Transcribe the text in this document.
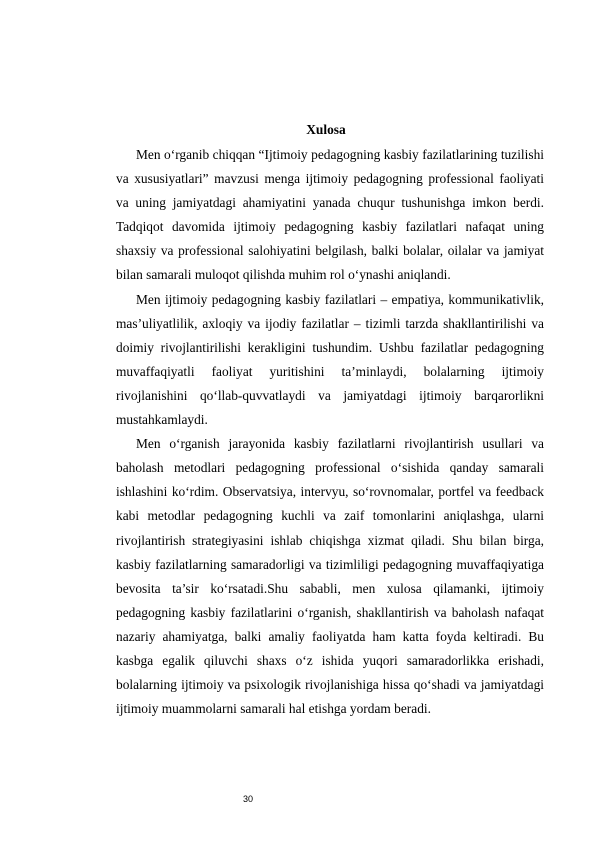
Xulosa

Men o‘rganib chiqqan “Ijtimoiy pedagogning kasbiy fazilatlarining tuzilishi va xususiyatlari” mavzusi menga ijtimoiy pedagogning professional faoliyati va uning jamiyatdagi ahamiyatini yanada chuqur tushunishga imkon berdi. Tadqiqot davomida ijtimoiy pedagogning kasbiy fazilatlari nafaqat uning shaxsiy va professional salohiyatini belgilash, balki bolalar, oilalar va jamiyat bilan samarali muloqot qilishda muhim rol o‘ynashi aniqlandi.

Men ijtimoiy pedagogning kasbiy fazilatlari – empatiya, kommunikativlik, mas’uliyatlilik, axloqiy va ijodiy fazilatlar – tizimli tarzda shakllantirilishi va doimiy rivojlantirilishi kerakligini tushundim. Ushbu fazilatlar pedagogning muvaffaqiyatli faoliyat yuritishini ta’minlaydi, bolalarning ijtimoiy rivojlanishini qo‘llab-quvvatlaydi va jamiyatdagi ijtimoiy barqarorlikni mustahkamlaydi.

Men o‘rganish jarayonida kasbiy fazilatlarni rivojlantirish usullari va baholash metodlari pedagogning professional o‘sishida qanday samarali ishlashini ko‘rdim. Observatsiya, intervyu, so‘rovnomalar, portfel va feedback kabi metodlar pedagogning kuchli va zaif tomonlarini aniqlashga, ularni rivojlantirish strategiyasini ishlab chiqishga xizmat qiladi. Shu bilan birga, kasbiy fazilatlarning samaradorligi va tizimliligi pedagogning muvaffaqiyatiga bevosita ta’sir ko‘rsatadi.Shu sababli, men xulosa qilamanki, ijtimoiy pedagogning kasbiy fazilatlarini o‘rganish, shakllantirish va baholash nafaqat nazariy ahamiyatga, balki amaliy faoliyatda ham katta foyda keltiradi. Bu kasbga egalik qiluvchi shaxs o‘z ishida yuqori samaradorlikka erishadi, bolalarning ijtimoiy va psixologik rivojlanishiga hissa qo‘shadi va jamiyatdagi ijtimoiy muammolarni samarali hal etishga yordam beradi.

30
